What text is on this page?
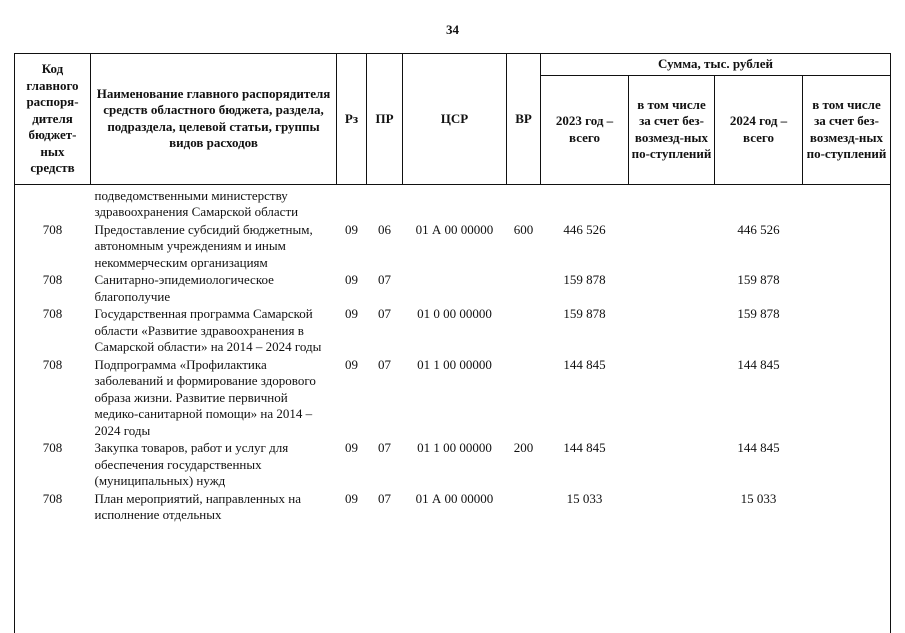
34
Код главного распоря-дителя бюджет-ных средств	Наименование главного распорядителя средств областного бюджета, раздела, подраздела, целевой статьи, группы видов расходов	Рз	ПР	ЦСР	ВР	Сумма, тыс. рублей			
						2023 год – всего	в том числе за счет без-возмезд-ных по-ступлений	2024 год – всего	в том числе за счет без-возмезд-ных по-ступлений
	подведомственными министерству здравоохранения Самарской области								
708	Предоставление субсидий бюджетным, автономным учреждениям и иным некоммерческим организациям	09	06	01 А 00 00000	600	446 526		446 526	
708	Санитарно-эпидемиологическое благополучие	09	07			159 878		159 878	
708	Государственная программа Самарской области «Развитие здравоохранения в Самарской области» на 2014 – 2024 годы	09	07	01 0 00 00000		159 878		159 878	
708	Подпрограмма «Профилактика заболеваний и формирование здорового образа жизни. Развитие первичной медико-санитарной помощи» на 2014 – 2024 годы	09	07	01 1 00 00000		144 845		144 845	
708	Закупка товаров, работ и услуг для обеспечения государственных (муниципальных) нужд	09	07	01 1 00 00000	200	144 845		144 845	
708	План мероприятий, направленных на исполнение отдельных	09	07	01 А 00 00000		15 033		15 033	
